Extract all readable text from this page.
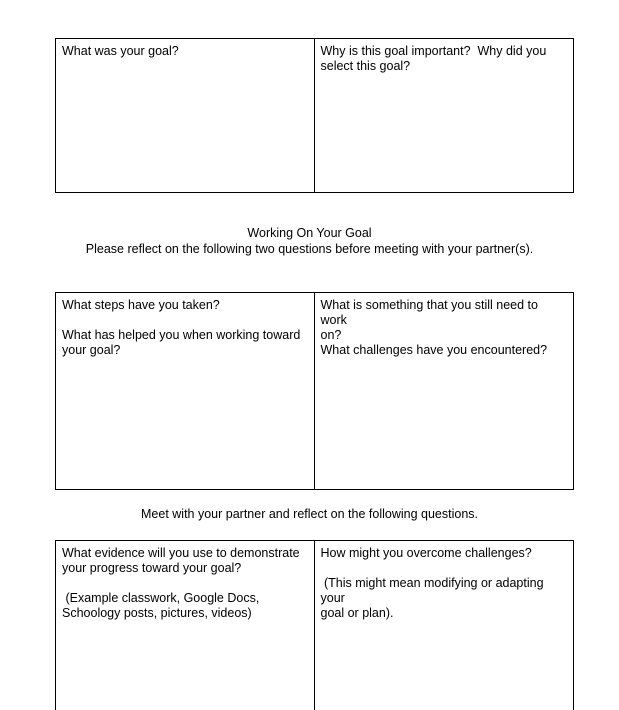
What was your goal?	Why is this goal important?  Why did you
select this goal?
Working On Your Goal
Please reflect on the following two questions before meeting with your partner(s).
What steps have you taken?
What has helped you when working toward
your goal?
What is something that you still need to work
on?
What challenges have you encountered?
Meet with your partner and reflect on the following questions.
What evidence will you use to demonstrate
your progress toward your goal?
(Example classwork, Google Docs,
Schoology posts, pictures, videos)
How might you overcome challenges?
(This might mean modifying or adapting your
goal or plan).
